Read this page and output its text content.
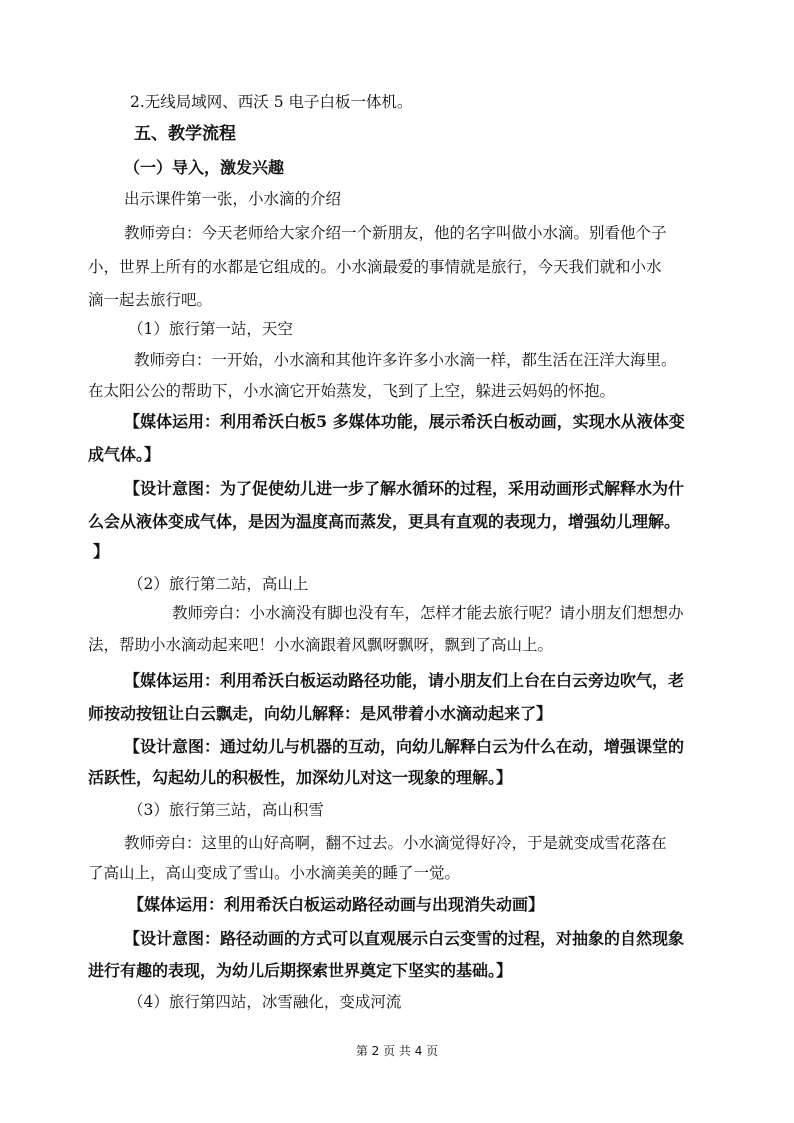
2.无线局域网、西沃 5 电子白板一体机。
五、教学流程
（一）导入，激发兴趣
出示课件第一张，小水滴的介绍
教师旁白：今天老师给大家介绍一个新朋友，他的名字叫做小水滴。别看他个子
小，世界上所有的水都是它组成的。小水滴最爱的事情就是旅行，今天我们就和小水
滴一起去旅行吧。
（1）旅行第一站，天空
教师旁白：一开始，小水滴和其他许多许多小水滴一样，都生活在汪洋大海里。
在太阳公公的帮助下，小水滴它开始蒸发，飞到了上空，躲进云妈妈的怀抱。
【媒体运用：利用希沃白板5 多媒体功能，展示希沃白板动画，实现水从液体变
成气体。】
【设计意图：为了促使幼儿进一步了解水循环的过程，采用动画形式解释水为什
么会从液体变成气体，是因为温度高而蒸发，更具有直观的表现力，增强幼儿理解。
】
（2）旅行第二站，高山上
教师旁白：小水滴没有脚也没有车，怎样才能去旅行呢？请小朋友们想想办
法，帮助小水滴动起来吧！小水滴跟着风飘呀飘呀，飘到了高山上。
【媒体运用：利用希沃白板运动路径功能，请小朋友们上台在白云旁边吹气，老
师按动按钮让白云飘走，向幼儿解释：是风带着小水滴动起来了】
【设计意图：通过幼儿与机器的互动，向幼儿解释白云为什么在动，增强课堂的
活跃性，勾起幼儿的积极性，加深幼儿对这一现象的理解。】
（3）旅行第三站，高山积雪
教师旁白：这里的山好高啊，翻不过去。小水滴觉得好冷，于是就变成雪花落在
了高山上，高山变成了雪山。小水滴美美的睡了一觉。
【媒体运用：利用希沃白板运动路径动画与出现消失动画】
【设计意图：路径动画的方式可以直观展示白云变雪的过程，对抽象的自然现象
进行有趣的表现，为幼儿后期探索世界奠定下坚实的基础。】
（4）旅行第四站，冰雪融化，变成河流
第 2 页 共 4 页
